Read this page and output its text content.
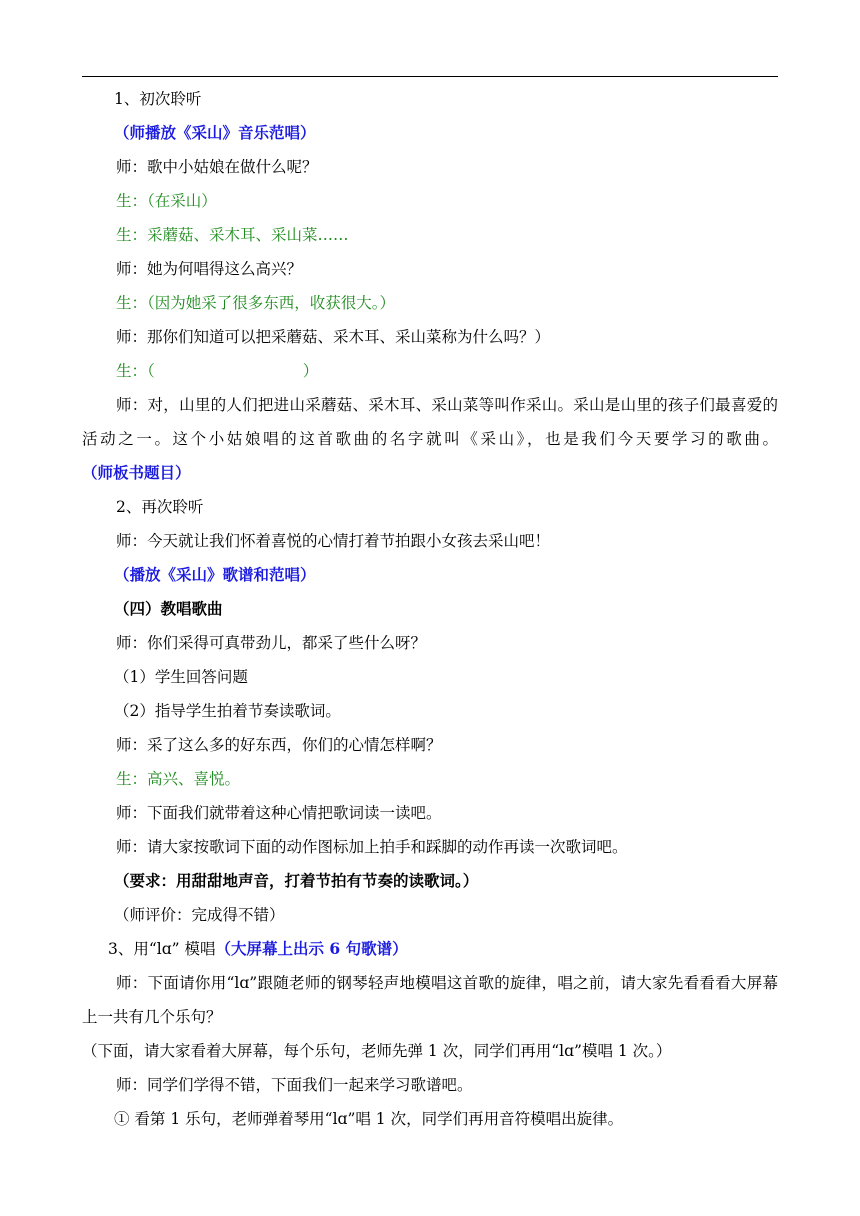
1、初次聆听

（师播放《采山》音乐范唱）

师：歌中小姑娘在做什么呢？

生：（在采山）

生：采蘑菇、采木耳、采山菜……

师：她为何唱得这么高兴？

生：（因为她采了很多东西，收获很大。）

师：那你们知道可以把采蘑菇、采木耳、采山菜称为什么吗？）

生：（	）

师：对，山里的人们把进山采蘑菇、采木耳、采山菜等叫作采山。采山是山里的孩子们最喜爱的活动之一。这个小姑娘唱的这首歌曲的名字就叫《采山》，也是我们今天要学习的歌曲。（师板书题目）

2、再次聆听

师：今天就让我们怀着喜悦的心情打着节拍跟小女孩去采山吧！

（播放《采山》歌谱和范唱）

（四）教唱歌曲

师：你们采得可真带劲儿，都采了些什么呀？

（1）学生回答问题

（2）指导学生拍着节奏读歌词。

师：采了这么多的好东西，你们的心情怎样啊？

生：高兴、喜悦。

师：下面我们就带着这种心情把歌词读一读吧。

师：请大家按歌词下面的动作图标加上拍手和踩脚的动作再读一次歌词吧。

（要求：用甜甜地声音，打着节拍有节奏的读歌词。）

（师评价：完成得不错）

3、用“lɑ” 模唱（大屏幕上出示 6 句歌谱）

师：下面请你用“lɑ”跟随老师的钢琴轻声地模唱这首歌的旋律，唱之前，请大家先看看看大屏幕上一共有几个乐句？

（下面，请大家看着大屏幕，每个乐句，老师先弹 1 次，同学们再用“lɑ”模唱 1 次。）

师：同学们学得不错，下面我们一起来学习歌谱吧。

① 看第 1 乐句，老师弹着琴用“lɑ”唱 1 次，同学们再用音符模唱出旋律。
